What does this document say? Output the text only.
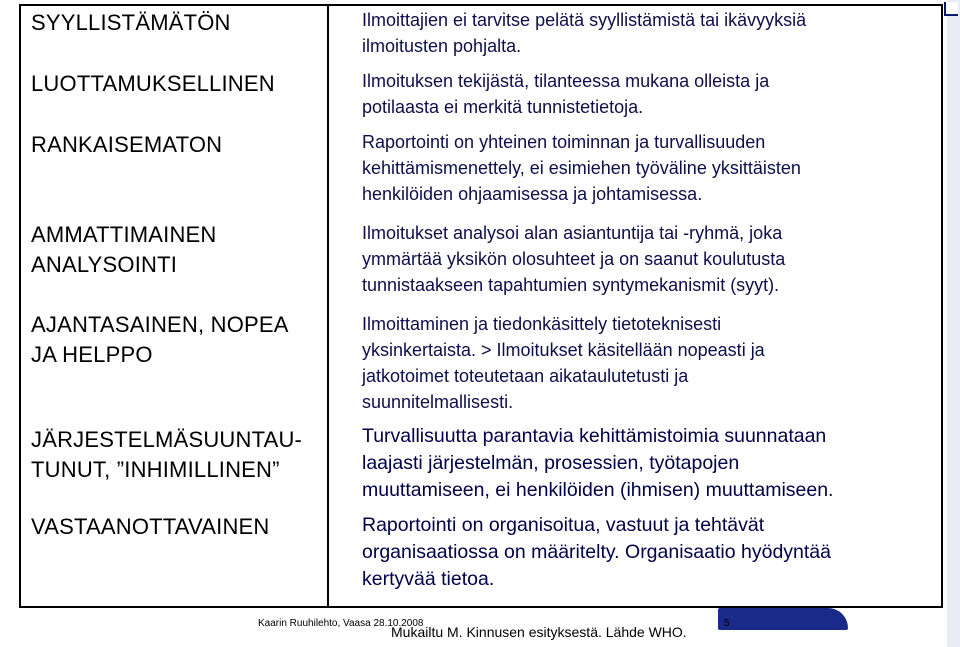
SYYLLISTÄMÄTÖN
LUOTTAMUKSELLINEN
RANKAISEMATON
AMMATTIMAINEN
ANALYSOINTI
AJANTASAINEN, NOPEA
JA HELPPO
JÄRJESTELMÄSUUNTAU-
TUNUT, ”INHIMILLINEN”
VASTAANOTTAVAINEN
Ilmoittajien ei tarvitse pelätä syyllistämistä tai ikävyyksiä
ilmoitusten pohjalta.
Ilmoituksen tekijästä, tilanteessa mukana olleista ja
potilaasta ei merkitä tunnistetietoja.
Raportointi on yhteinen toiminnan ja turvallisuuden
kehittämismenettely, ei esimiehen työväline yksittäisten
henkilöiden ohjaamisessa ja johtamisessa.
Ilmoitukset analysoi alan asiantuntija tai -ryhmä, joka
ymmärtää yksikön olosuhteet ja on saanut koulutusta
tunnistaakseen tapahtumien syntymekanismit (syyt).
Ilmoittaminen ja tiedonkäsittely tietoteknisesti
yksinkertaista. > Ilmoitukset käsitellään nopeasti ja
jatkotoimet toteutetaan aikataulutetusti ja
suunnitelmallisesti.
Turvallisuutta parantavia kehittämistoimia suunnataan
laajasti järjestelmän, prosessien, työtapojen
muuttamiseen, ei henkilöiden (ihmisen) muuttamiseen.
Raportointi on organisoitua, vastuut ja tehtävät
organisaatiossa on määritelty. Organisaatio hyödyntää
kertyvää tietoa.
Kaarin Ruuhilehto, Vaasa 28.10.2008	5
Mukailtu M. Kinnusen esityksestä. Lähde WHO.
